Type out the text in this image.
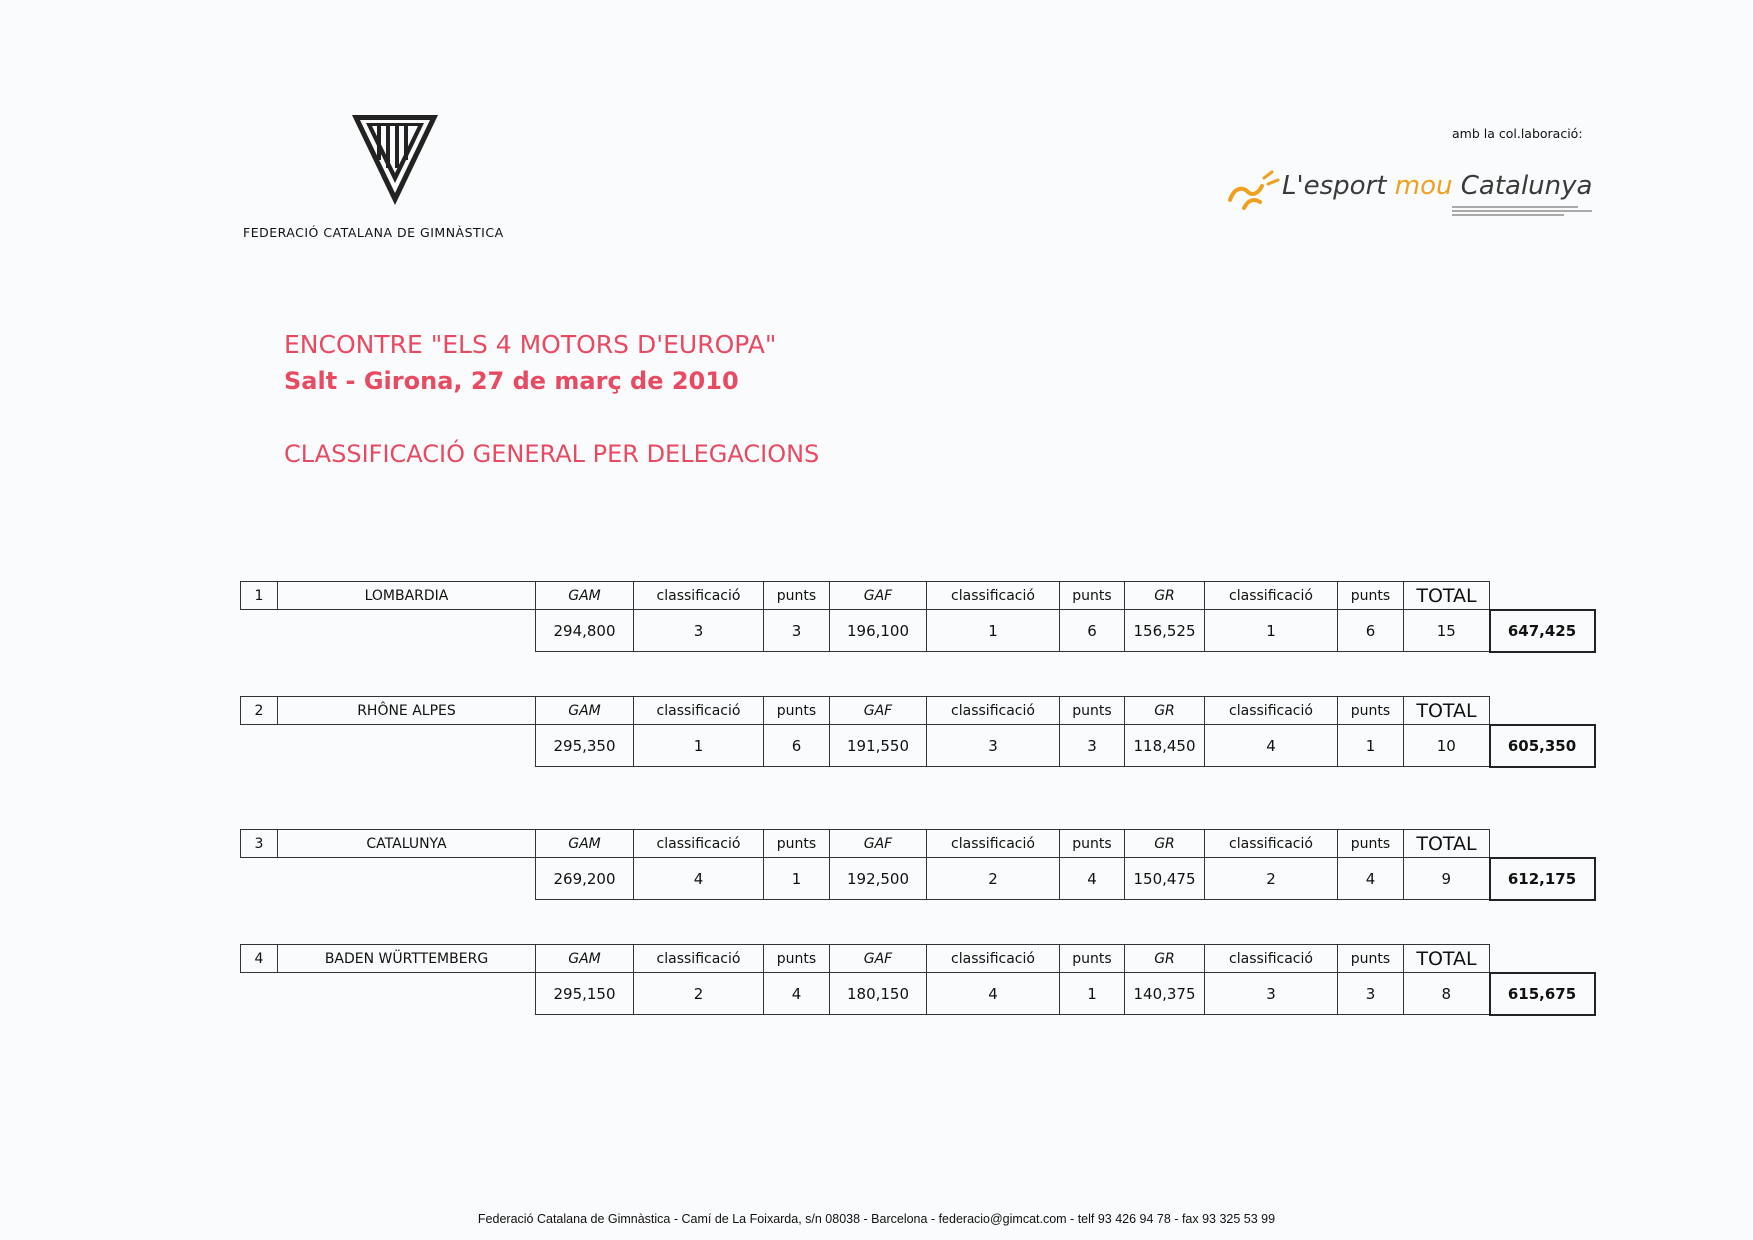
FEDERACIÓ CATALANA DE GIMNÀSTICA
amb la col.laboració:
L'esport mou Catalunya
ENCONTRE "ELS 4 MOTORS D'EUROPA"
Salt - Girona, 27 de març de 2010
CLASSIFICACIÓ GENERAL PER DELEGACIONS
1	LOMBARDIA	GAM	classificació	punts	GAF	classificació	punts	GR	classificació	punts	TOTAL	
		294,800	3	3	196,100	1	6	156,525	1	6	15	647,425
2	RHÔNE ALPES	GAM	classificació	punts	GAF	classificació	punts	GR	classificació	punts	TOTAL	
		295,350	1	6	191,550	3	3	118,450	4	1	10	605,350
3	CATALUNYA	GAM	classificació	punts	GAF	classificació	punts	GR	classificació	punts	TOTAL	
		269,200	4	1	192,500	2	4	150,475	2	4	9	612,175
4	BADEN WÜRTTEMBERG	GAM	classificació	punts	GAF	classificació	punts	GR	classificació	punts	TOTAL	
		295,150	2	4	180,150	4	1	140,375	3	3	8	615,675
Federació Catalana de Gimnàstica - Camí de La Foixarda, s/n 08038 - Barcelona - federacio@gimcat.com - telf 93 426 94 78 - fax 93 325 53 99
